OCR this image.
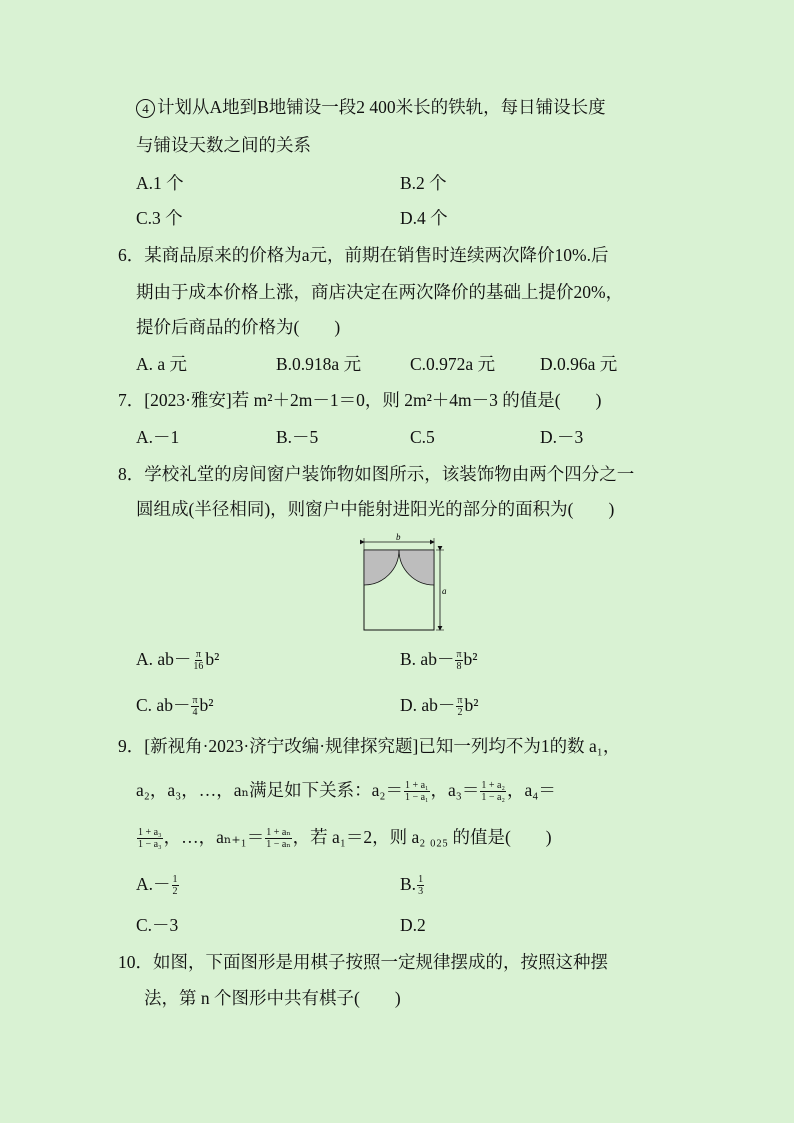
4 计划从A地到B地铺设一段2 400米长的铁轨，每日铺设长度
与铺设天数之间的关系
A.1 个	B.2 个
C.3 个	D.4 个
6．某商品原来的价格为a元，前期在销售时连续两次降价10%.后
期由于成本价格上涨，商店决定在两次降价的基础上提价20%，
提价后商品的价格为(　　)
A. a 元	B.0.918a 元	C.0.972a 元	D.0.96a 元
7．[2023·雅安]若 m²＋2m－1＝0，则 2m²＋4m－3 的值是(　　)
A.－1	B.－5	C.5	D.－3
8．学校礼堂的房间窗户装饰物如图所示，该装饰物由两个四分之一
圆组成(半径相同)，则窗户中能射进阳光的部分的面积为(　　)
b
a
A. $ab- \frac{\pi}{16} b^2$	B. $ab- \frac{\pi}{8} b^2$
C. $ab- \frac{\pi}{4} b^2$	D. $ab- \frac{\pi}{2} b^2$
9．[新视角·2023·济宁改编·规律探究题]已知一列均不为1的数 a₁，
a₂，a₃，…，aₙ满足如下关系：$a_2= \frac{\text{1 + a₁}}{\text{1 − a₁}}$ ，$a_3= \frac{\text{1 + a₂}}{\text{1 − a₂}}$ ，a₄＝
$\frac{\text{1 + a₃}}{\text{1 − a₃}}$ ，…，$a_{n+1}= \frac{\text{1 + aₙ}}{\text{1 − aₙ}}$ ，若 a₁＝2，则 a₂ ₀₂₅ 的值是(　　)
$A.- \frac{1}{2}$	B. $\frac{1}{3}$
C.－3	D.2
10．如图，下面图形是用棋子按照一定规律摆成的，按照这种摆
法，第 n 个图形中共有棋子(　　)
